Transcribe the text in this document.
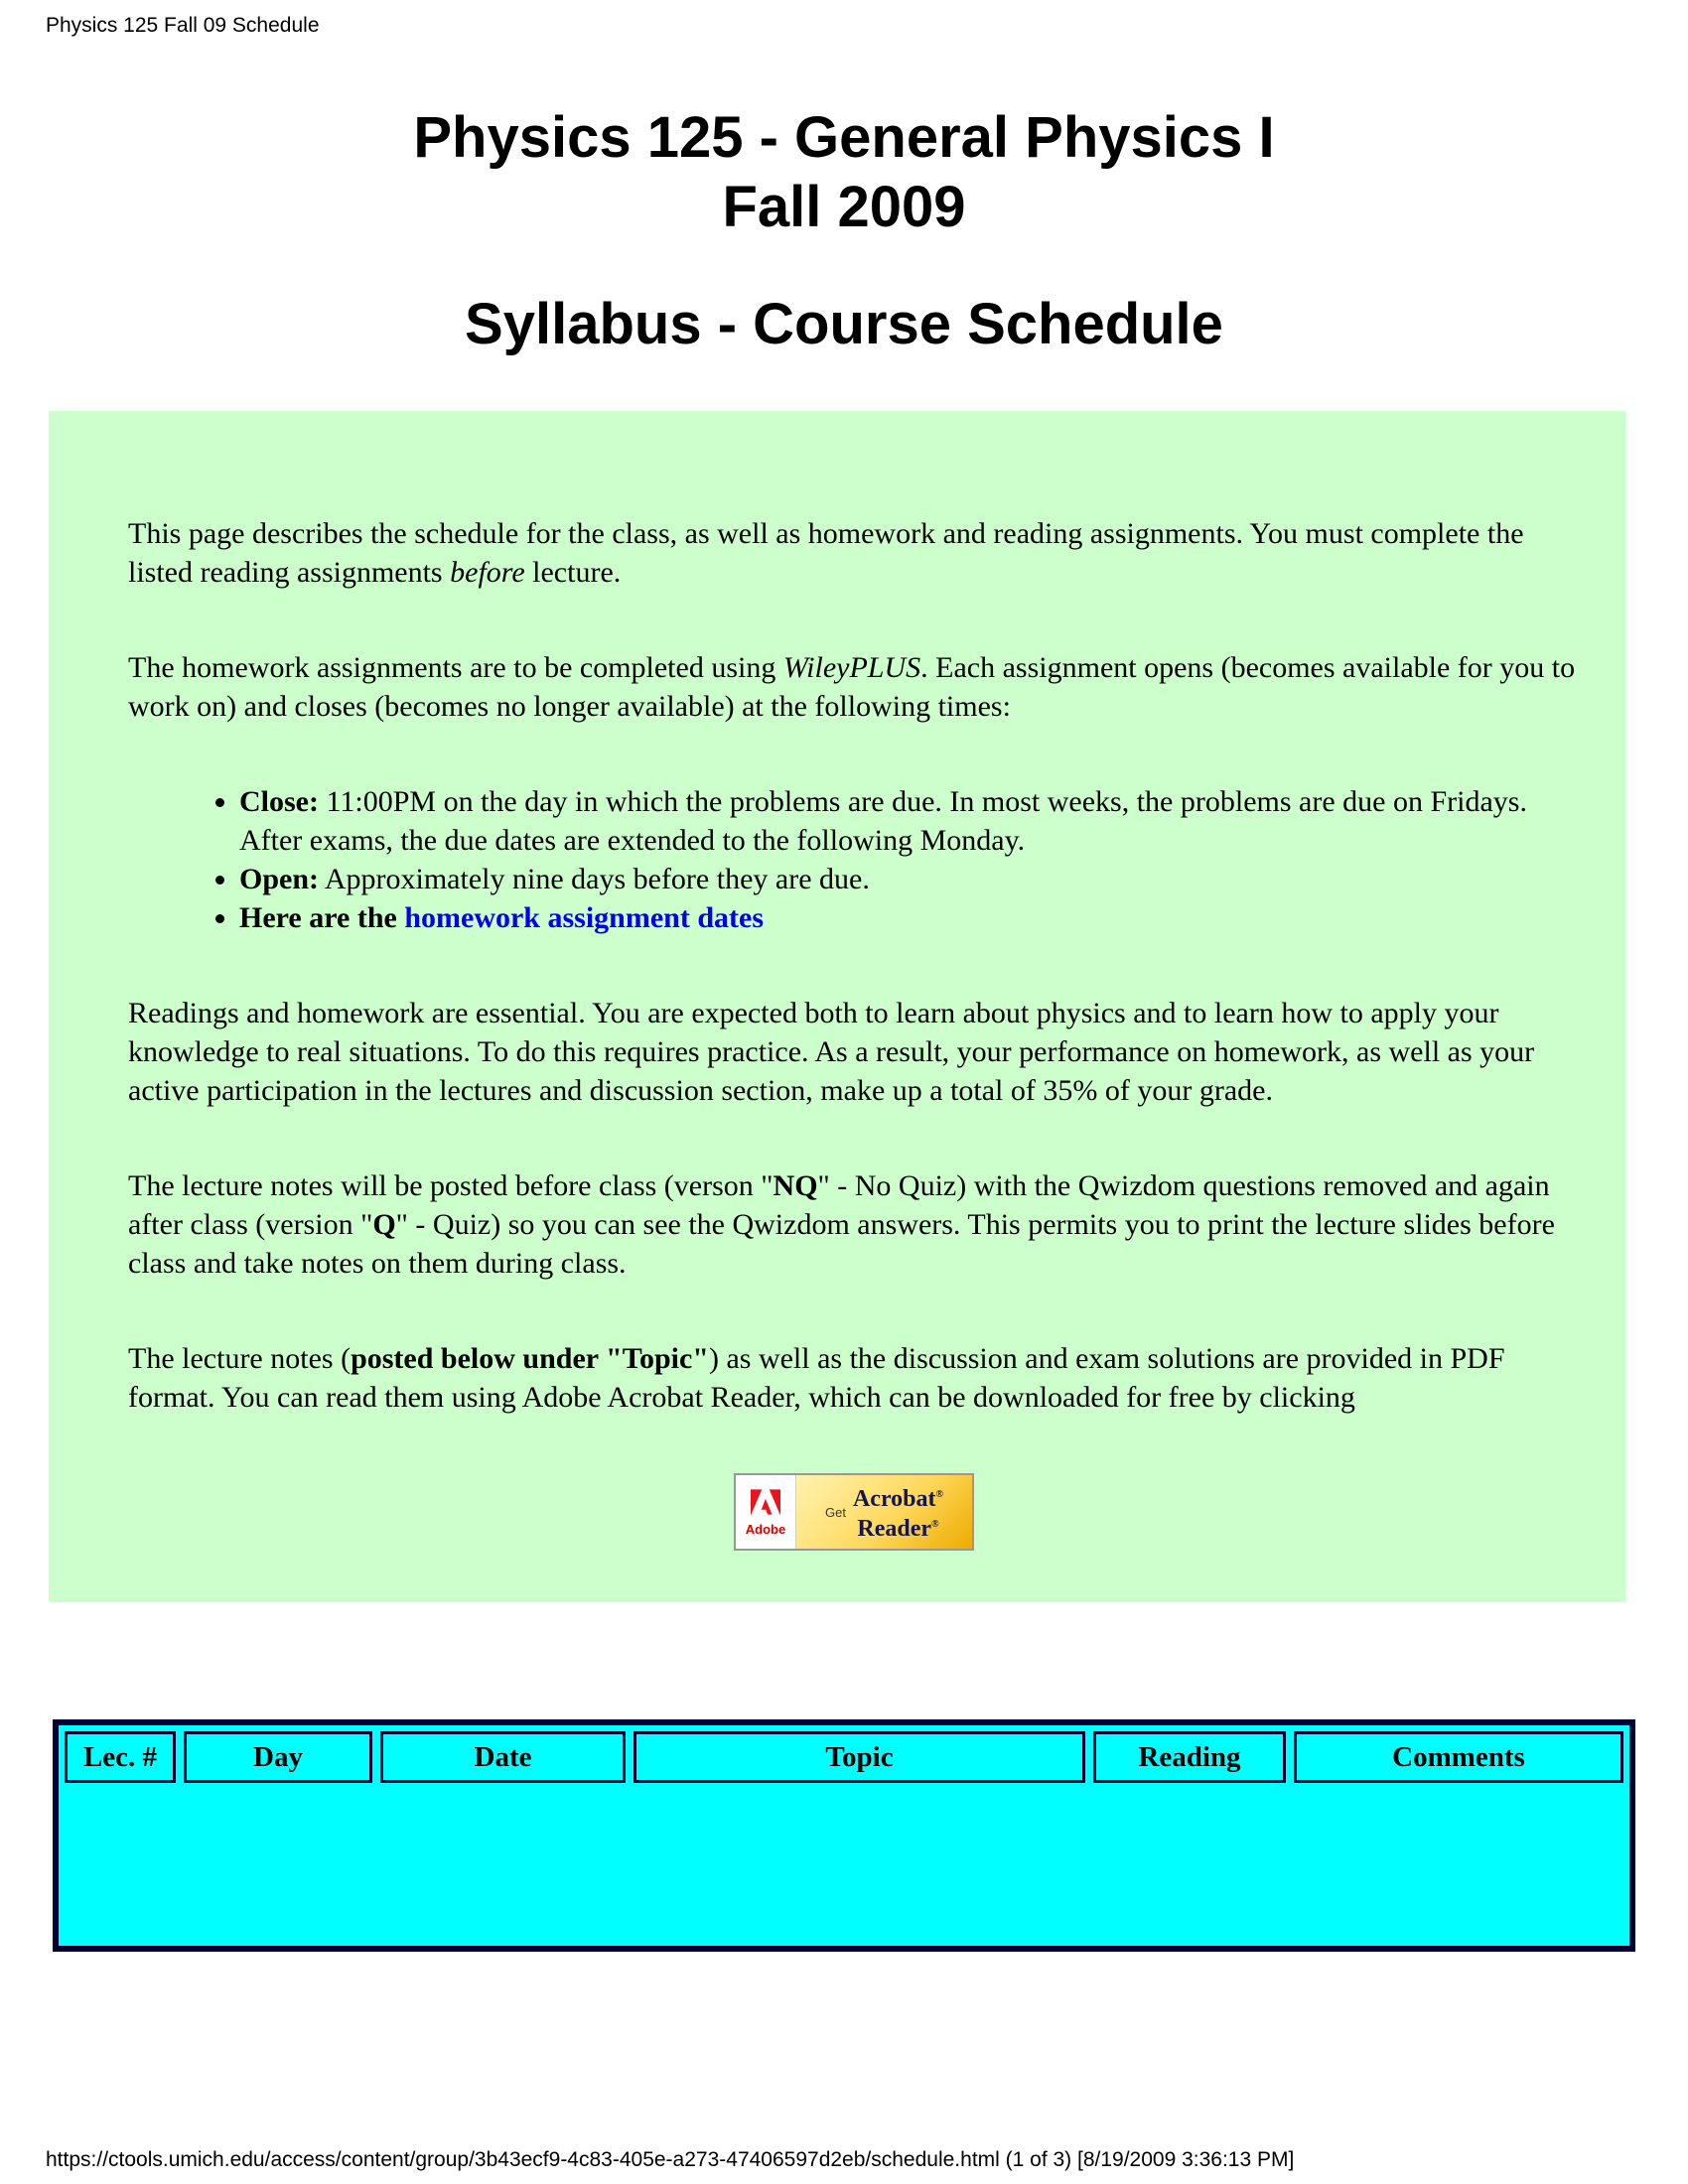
Physics 125 Fall 09 Schedule
Physics 125 - General Physics I
Fall 2009
Syllabus - Course Schedule

This page describes the schedule for the class, as well as homework and reading assignments. You must complete the listed reading assignments before lecture.

The homework assignments are to be completed using WileyPLUS. Each assignment opens (becomes available for you to work on) and closes (becomes no longer available) at the following times:

• Close: 11:00PM on the day in which the problems are due. In most weeks, the problems are due on Fridays. After exams, the due dates are extended to the following Monday.
• Open: Approximately nine days before they are due.
• Here are the homework assignment dates

Readings and homework are essential. You are expected both to learn about physics and to learn how to apply your knowledge to real situations. To do this requires practice. As a result, your performance on homework, as well as your active participation in the lectures and discussion section, make up a total of 35% of your grade.

The lecture notes will be posted before class (verson "NQ" - No Quiz) with the Qwizdom questions removed and again after class (version "Q" - Quiz) so you can see the Qwizdom answers. This permits you to print the lecture slides before class and take notes on them during class.

The lecture notes (posted below under "Topic") as well as the discussion and exam solutions are provided in PDF format. You can read them using Adobe Acrobat Reader, which can be downloaded for free by clicking

Adobe
Get Acrobat®
Reader®
Lec. #	Day	Date	Topic	Reading	Comments
https://ctools.umich.edu/access/content/group/3b43ecf9-4c83-405e-a273-47406597d2eb/schedule.html (1 of 3) [8/19/2009 3:36:13 PM]
